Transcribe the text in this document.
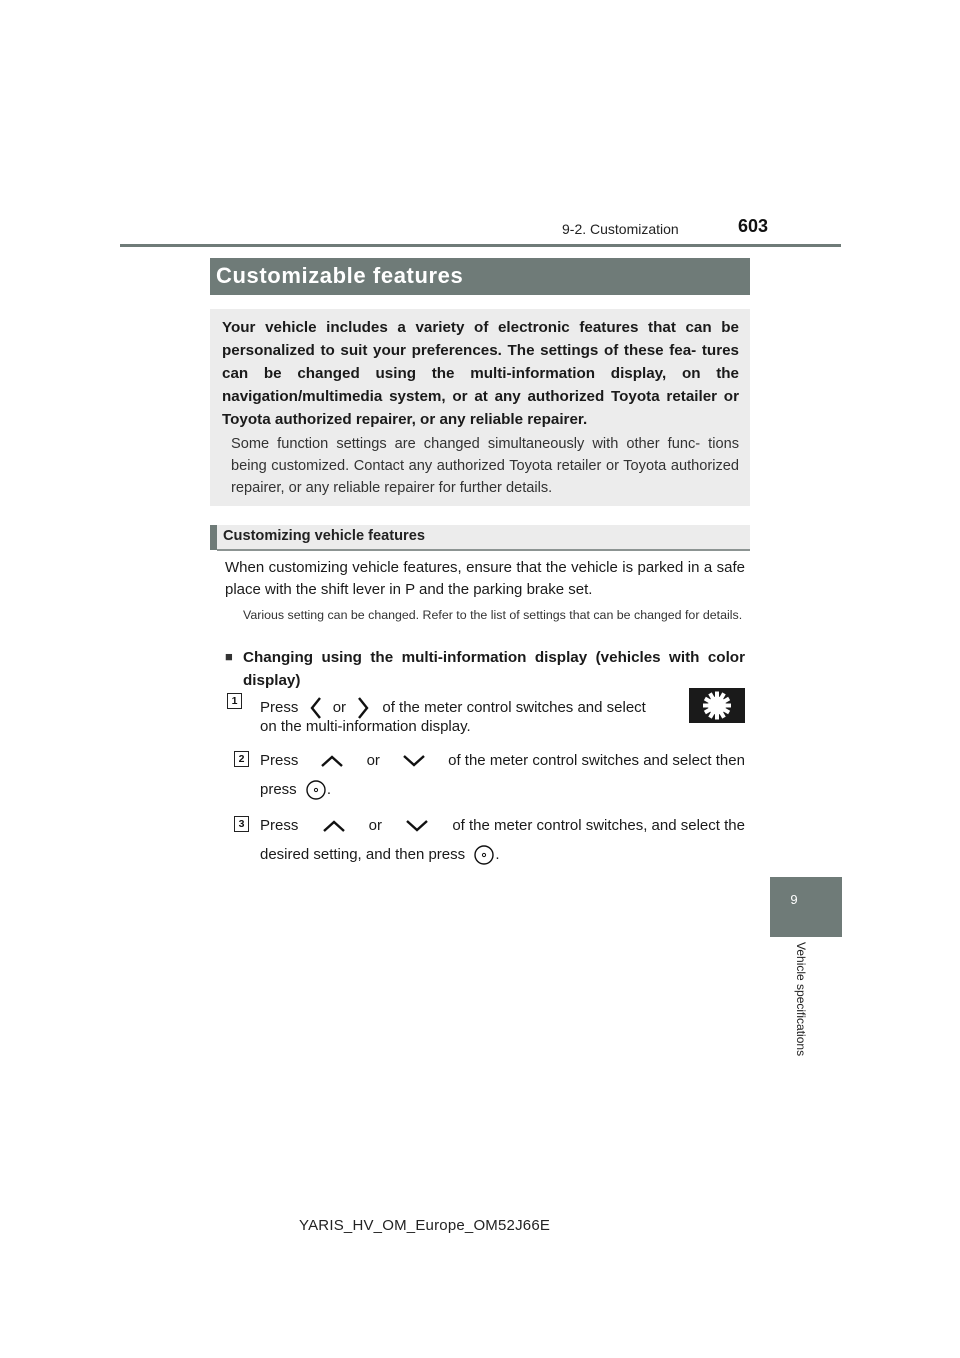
9-2. Customization	603
9
Vehicle specifications
Customizable features
Your vehicle includes a variety of electronic features that can be personalized to suit your preferences. The settings of these fea- tures can be changed using the multi-information display, on the navigation/multimedia system, or at any authorized Toyota retailer or Toyota authorized repairer, or any reliable repairer.
Some function settings are changed simultaneously with other func- tions being customized. Contact any authorized Toyota retailer or Toyota authorized repairer, or any reliable repairer for further details.
Customizing vehicle features
When customizing vehicle features, ensure that the vehicle is parked in a safe place with the shift lever in P and the parking brake set.
Various setting can be changed. Refer to the list of settings that can be changed for details.
■ Changing using the multi-information display (vehicles with color display)
1	Press or of the meter control switches and select
on the multi-information display.
2	Press	or	of the meter control switches and select then
press .
3	Press	or	of the meter control switches, and select the
desired setting, and then press .
YARIS_HV_OM_Europe_OM52J66E
